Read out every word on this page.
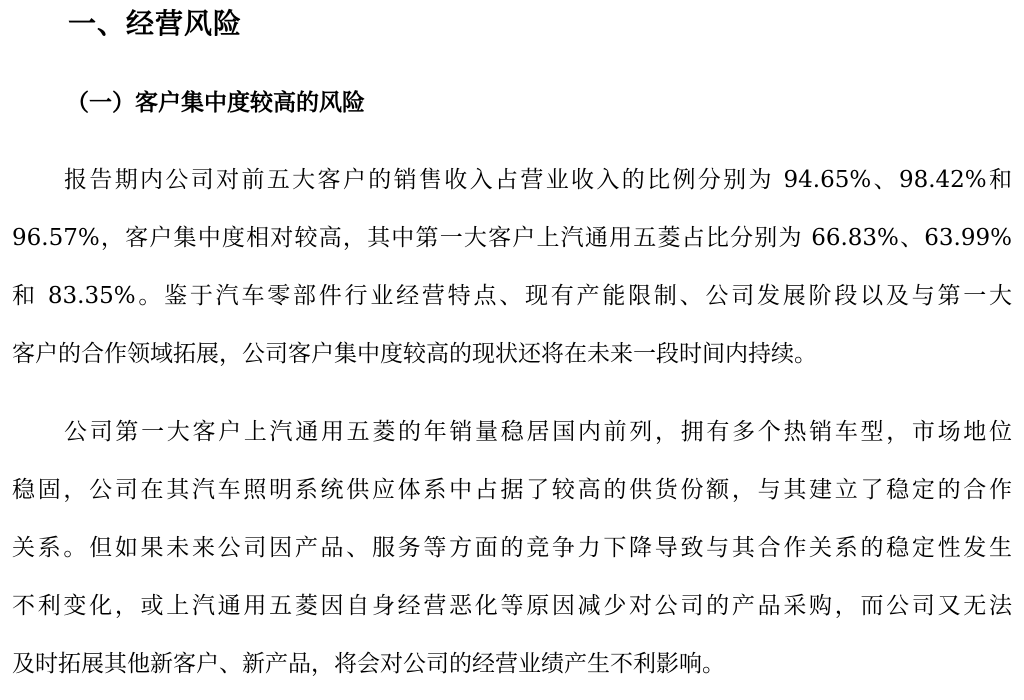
一、经营风险
（一）客户集中度较高的风险
报告期内公司对前五大客户的销售收入占营业收入的比例分别为 94.65%、98.42%和
96.57%，客户集中度相对较高，其中第一大客户上汽通用五菱占比分别为 66.83%、63.99%
和 83.35%。鉴于汽车零部件行业经营特点、现有产能限制、公司发展阶段以及与第一大
客户的合作领域拓展，公司客户集中度较高的现状还将在未来一段时间内持续。
公司第一大客户上汽通用五菱的年销量稳居国内前列，拥有多个热销车型，市场地位
稳固，公司在其汽车照明系统供应体系中占据了较高的供货份额，与其建立了稳定的合作
关系。但如果未来公司因产品、服务等方面的竞争力下降导致与其合作关系的稳定性发生
不利变化，或上汽通用五菱因自身经营恶化等原因减少对公司的产品采购，而公司又无法
及时拓展其他新客户、新产品，将会对公司的经营业绩产生不利影响。
